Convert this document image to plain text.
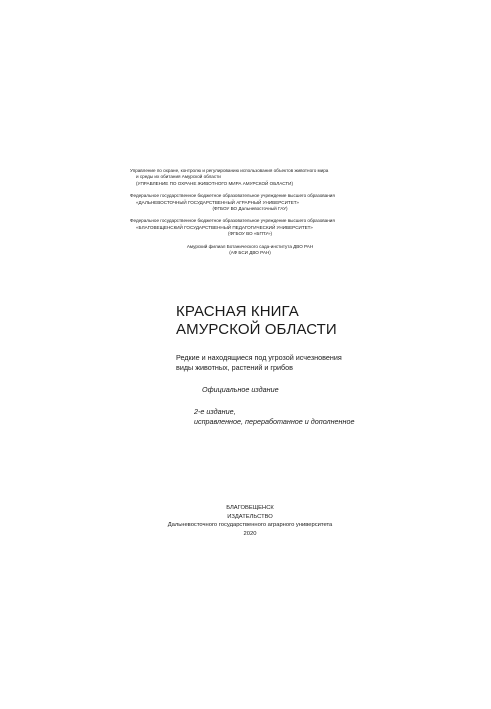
Управление по охране, контролю и регулированию использования объектов животного мира
и среды их обитания Амурской области
(УПРАВЛЕНИЕ ПО ОХРАНЕ ЖИВОТНОГО МИРА АМУРСКОЙ ОБЛАСТИ)
Федеральное государственное бюджетное образовательное учреждение высшего образования
«ДАЛЬНЕВОСТОЧНЫЙ ГОСУДАРСТВЕННЫЙ АГРАРНЫЙ УНИВЕРСИТЕТ»
(ФГБОУ ВО Дальневосточный ГАУ)
Федеральное государственное бюджетное образовательное учреждение высшего образования
«БЛАГОВЕЩЕНСКИЙ ГОСУДАРСТВЕННЫЙ ПЕДАГОГИЧЕСКИЙ УНИВЕРСИТЕТ»
(ФГБОУ ВО «БГПУ»)
Амурский филиал Ботанического сада-института ДВО РАН
(АФ БСИ ДВО РАН)
КРАСНАЯ КНИГА
АМУРСКОЙ ОБЛАСТИ
Редкие и находящиеся под угрозой исчезновения
виды животных, растений и грибов
Официальное издание
2-е издание,
исправленное, переработанное и дополненное
БЛАГОВЕЩЕНСК
ИЗДАТЕЛЬСТВО
Дальневосточного государственного аграрного университета
2020
